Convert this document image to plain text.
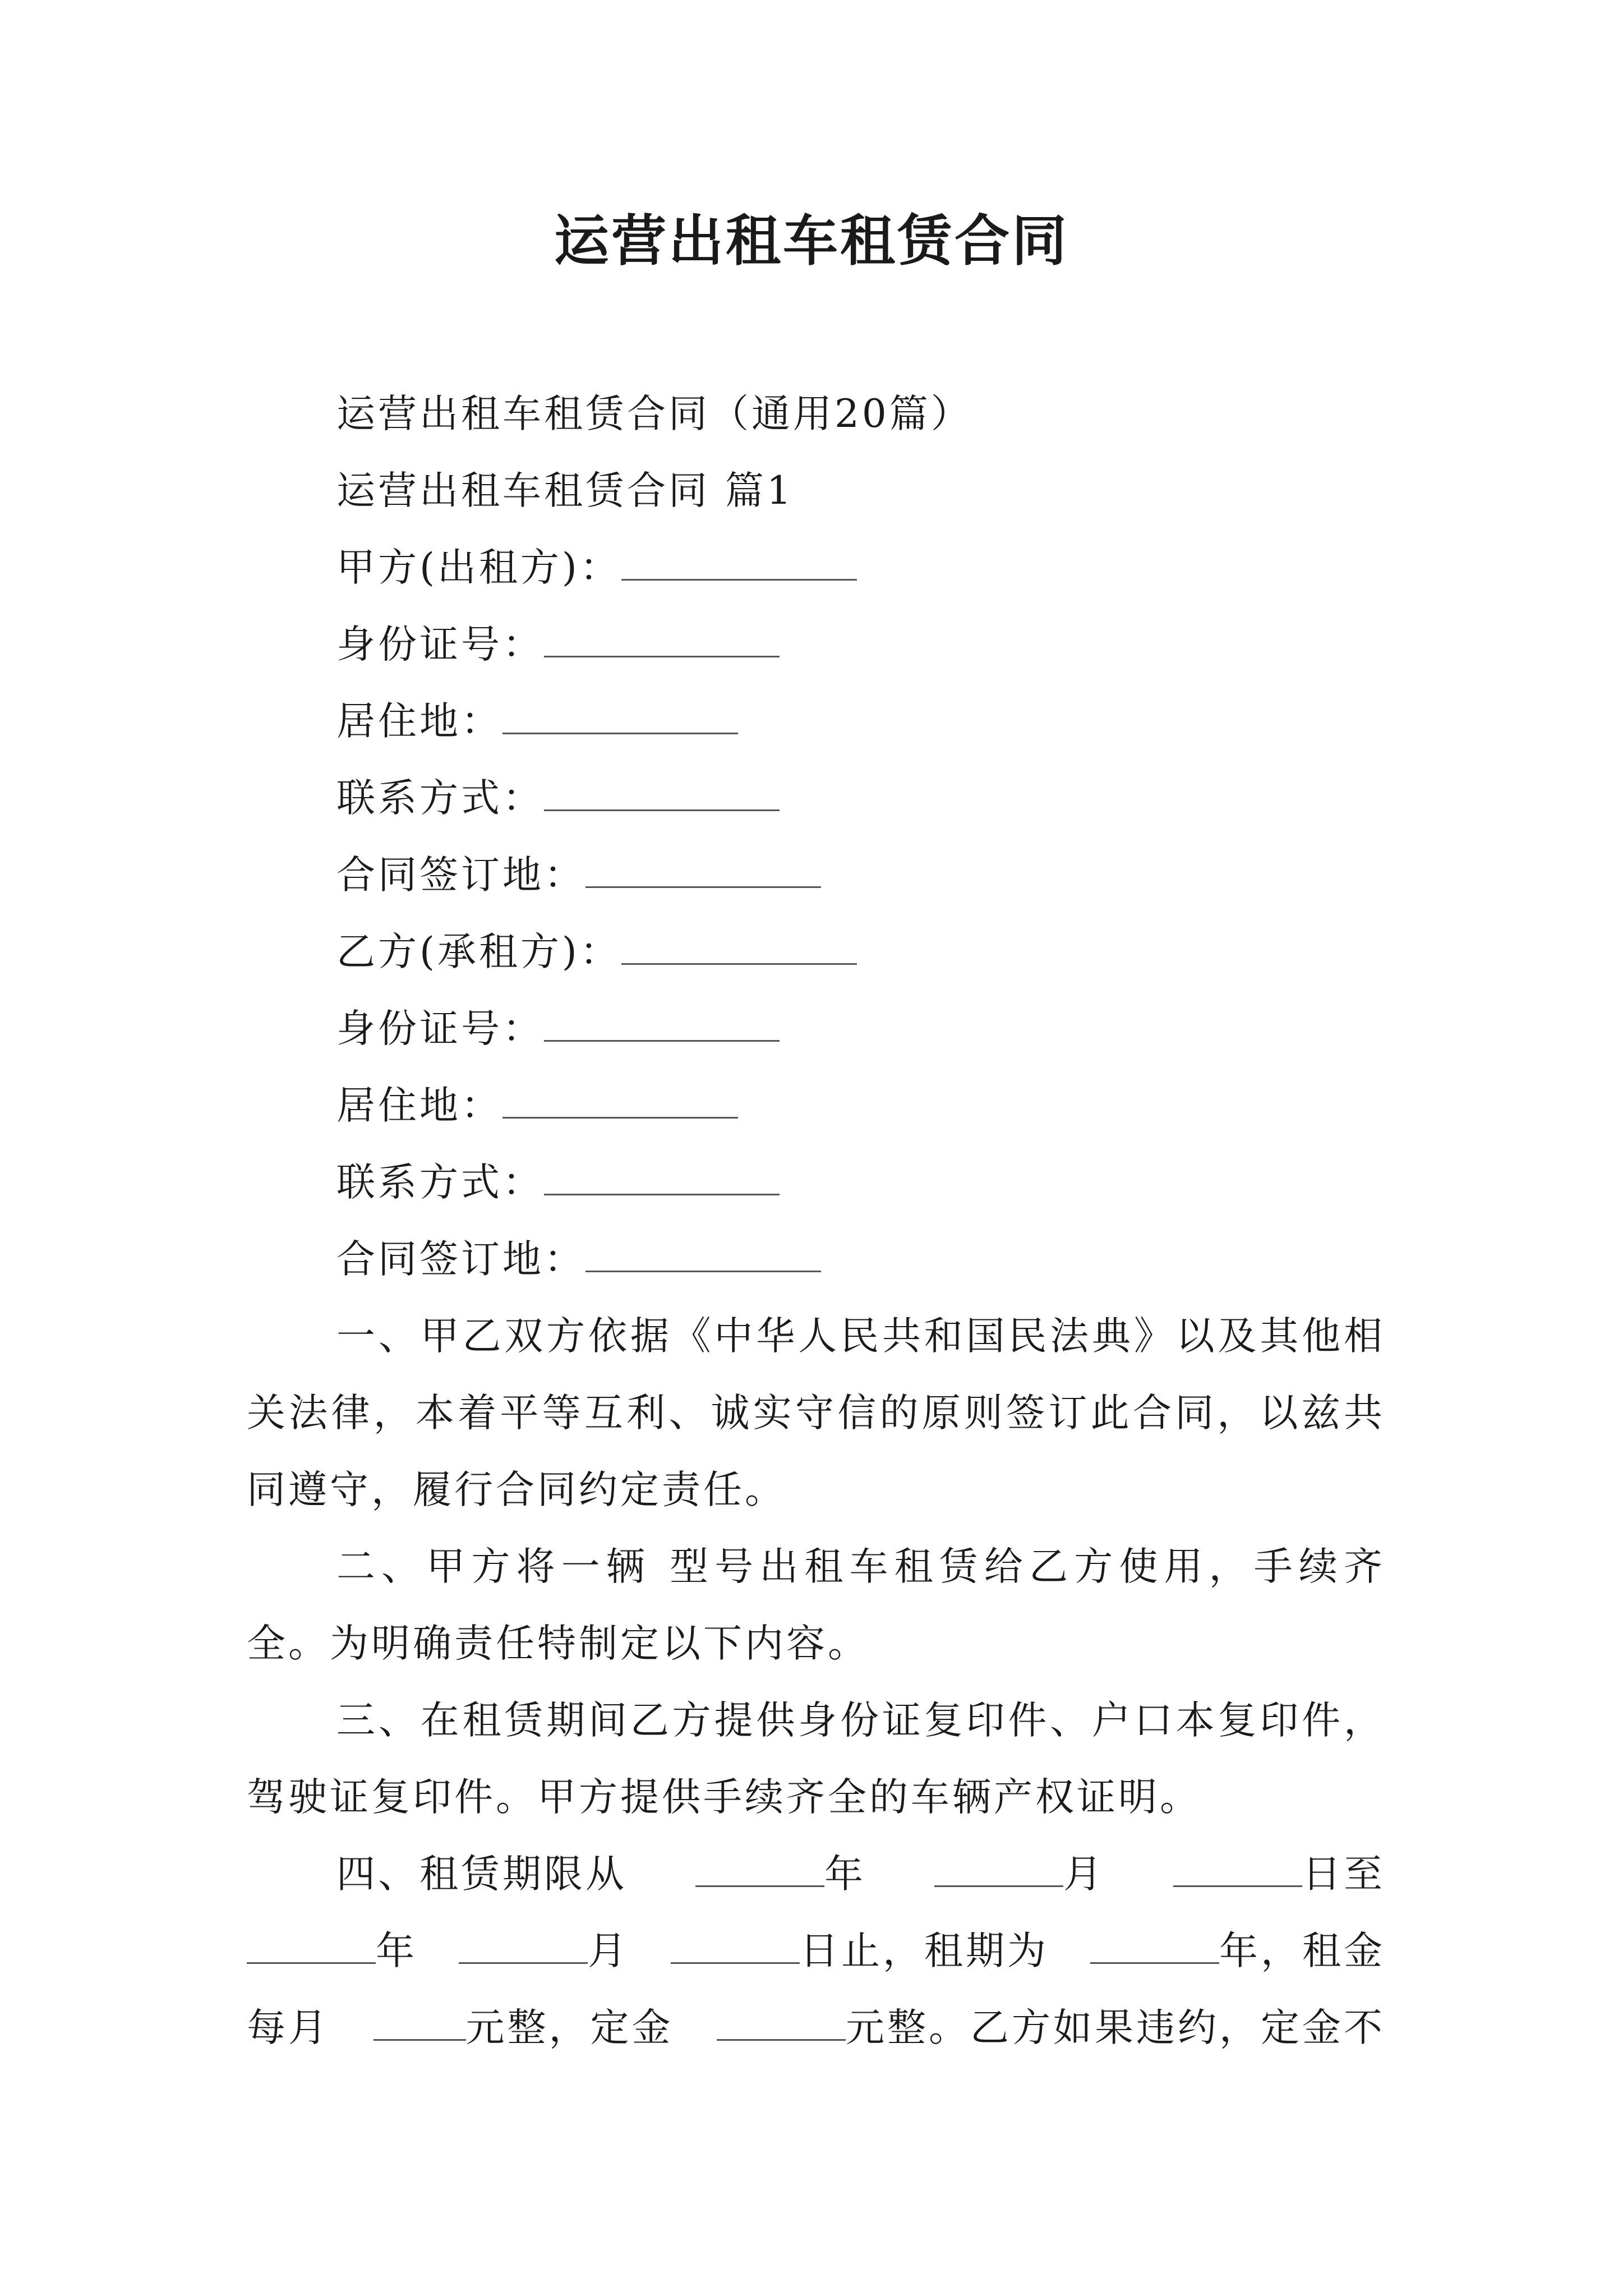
运营出租车租赁合同
运营出租车租赁合同（通用20篇）
运营出租车租赁合同 篇1
甲方(出租方)：
身份证号：
居住地：
联系方式：
合同签订地：
乙方(承租方)：
身份证号：
居住地：
联系方式：
合同签订地：
一、甲乙双方依据《中华人民共和国民法典》以及其他相关法律，本着平等互利、诚实守信的原则签订此合同，以兹共同遵守，履行合同约定责任。
二、甲方将一辆 型号出租车租赁给乙方使用，手续齐全。为明确责任特制定以下内容。
三、在租赁期间乙方提供身份证复印件、户口本复印件，驾驶证复印件。甲方提供手续齐全的车辆产权证明。
四、租赁期限从	年	月	日至
年	月	日止，租期为	年，租金
每月	元整，定金	元整。乙方如果违约，定金不
